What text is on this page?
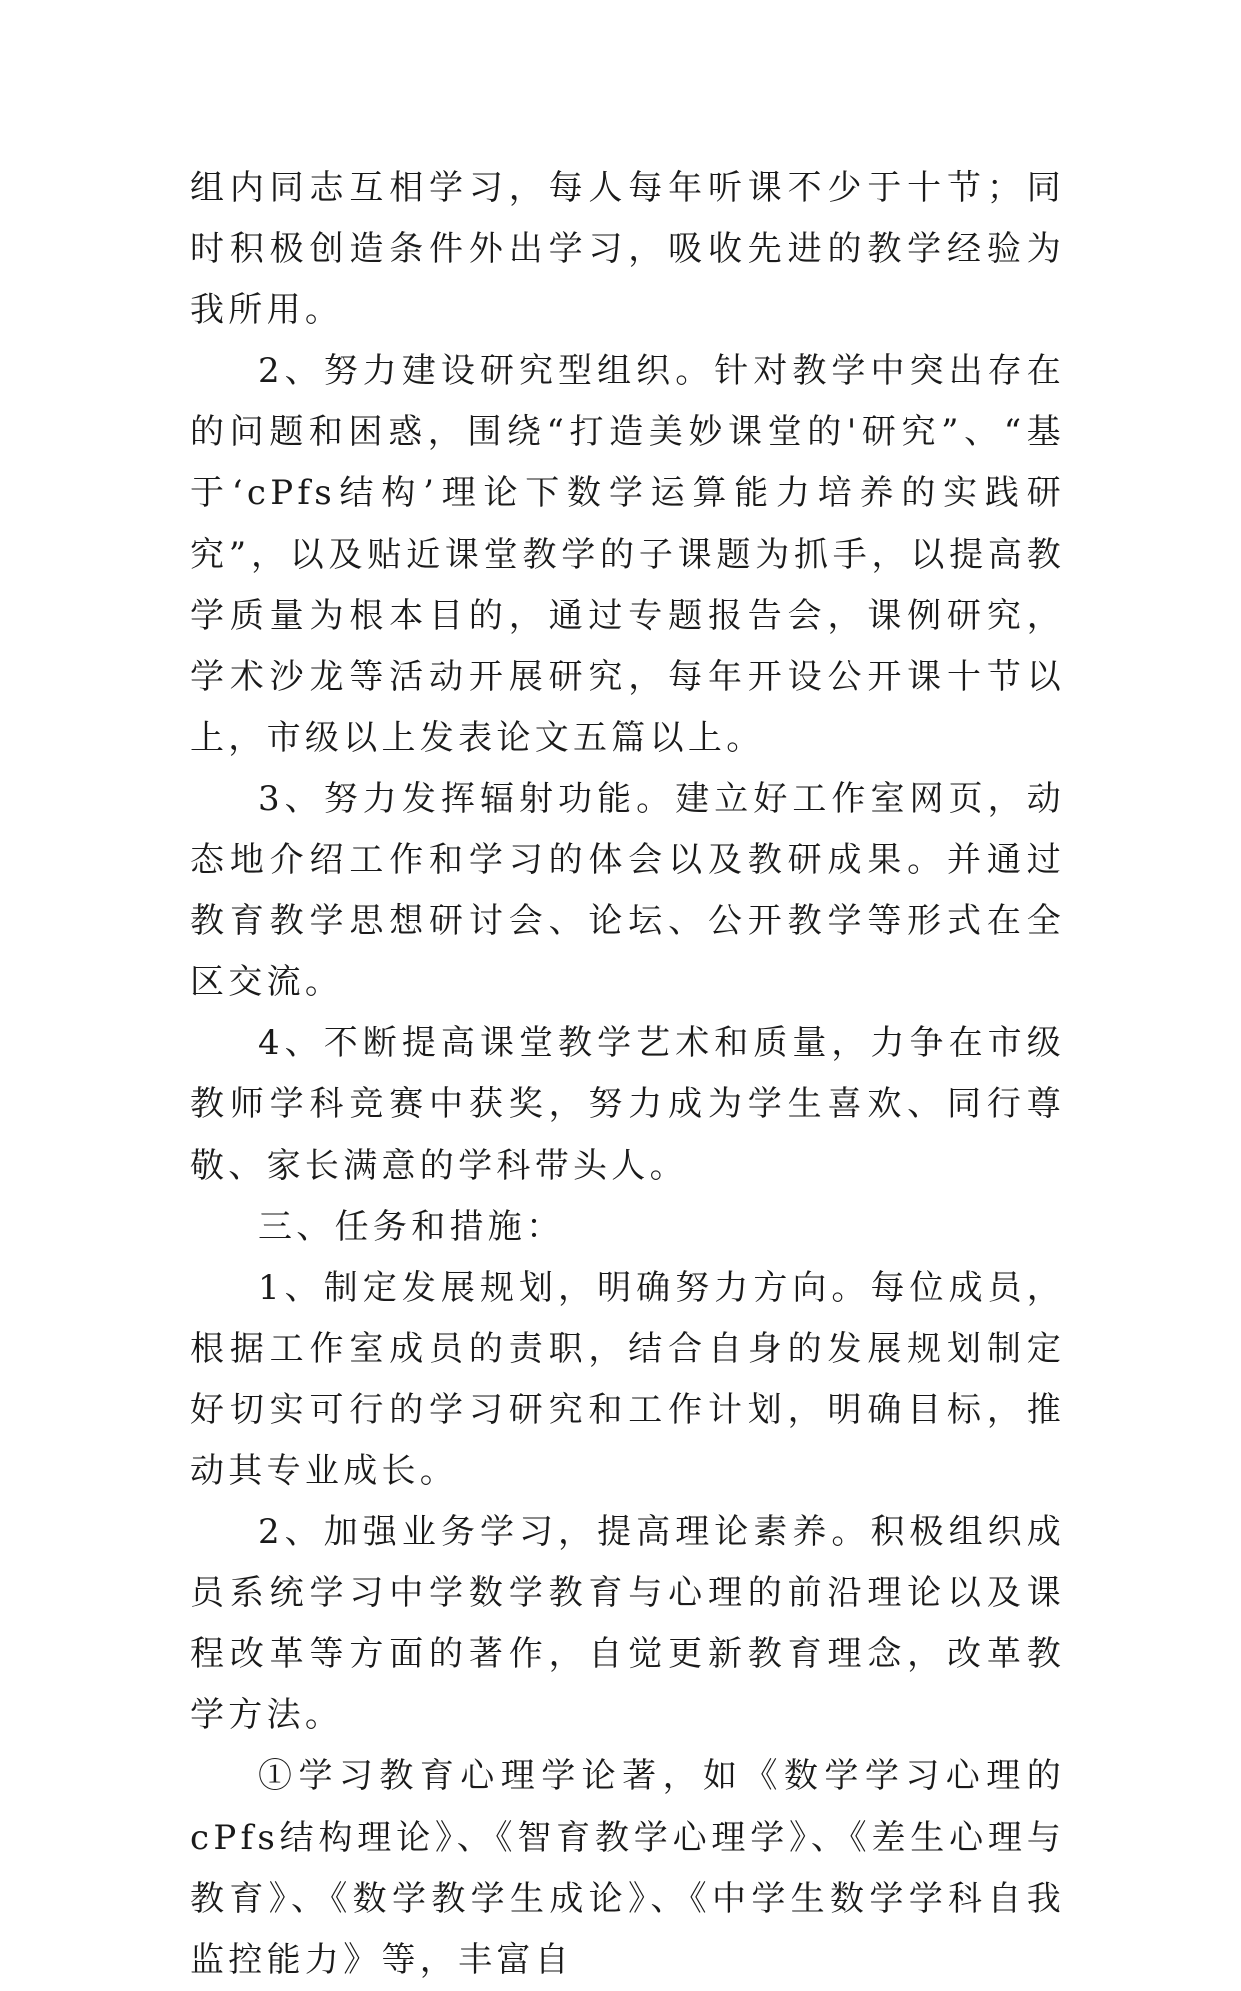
组内同志互相学习，每人每年听课不少于十节；同时积极创造条件外出学习，吸收先进的教学经验为我所用。

2、努力建设研究型组织。针对教学中突出存在的问题和困惑，围绕“打造美妙课堂的'研究”、“基于‘cPfs结构’理论下数学运算能力培养的实践研究”，以及贴近课堂教学的子课题为抓手，以提高教学质量为根本目的，通过专题报告会，课例研究，学术沙龙等活动开展研究，每年开设公开课十节以上，市级以上发表论文五篇以上。

3、努力发挥辐射功能。建立好工作室网页，动态地介绍工作和学习的体会以及教研成果。并通过教育教学思想研讨会、论坛、公开教学等形式在全区交流。

4、不断提高课堂教学艺术和质量，力争在市级教师学科竞赛中获奖，努力成为学生喜欢、同行尊敬、家长满意的学科带头人。

三、任务和措施：

1、制定发展规划，明确努力方向。每位成员，根据工作室成员的责职，结合自身的发展规划制定好切实可行的学习研究和工作计划，明确目标，推动其专业成长。

2、加强业务学习，提高理论素养。积极组织成员系统学习中学数学教育与心理的前沿理论以及课程改革等方面的著作，自觉更新教育理念，改革教学方法。

①学习教育心理学论著，如《数学学习心理的cPfs结构理论》、《智育教学心理学》、《差生心理与教育》、《数学教学生成论》、《中学生数学学科自我监控能力》等，丰富自
